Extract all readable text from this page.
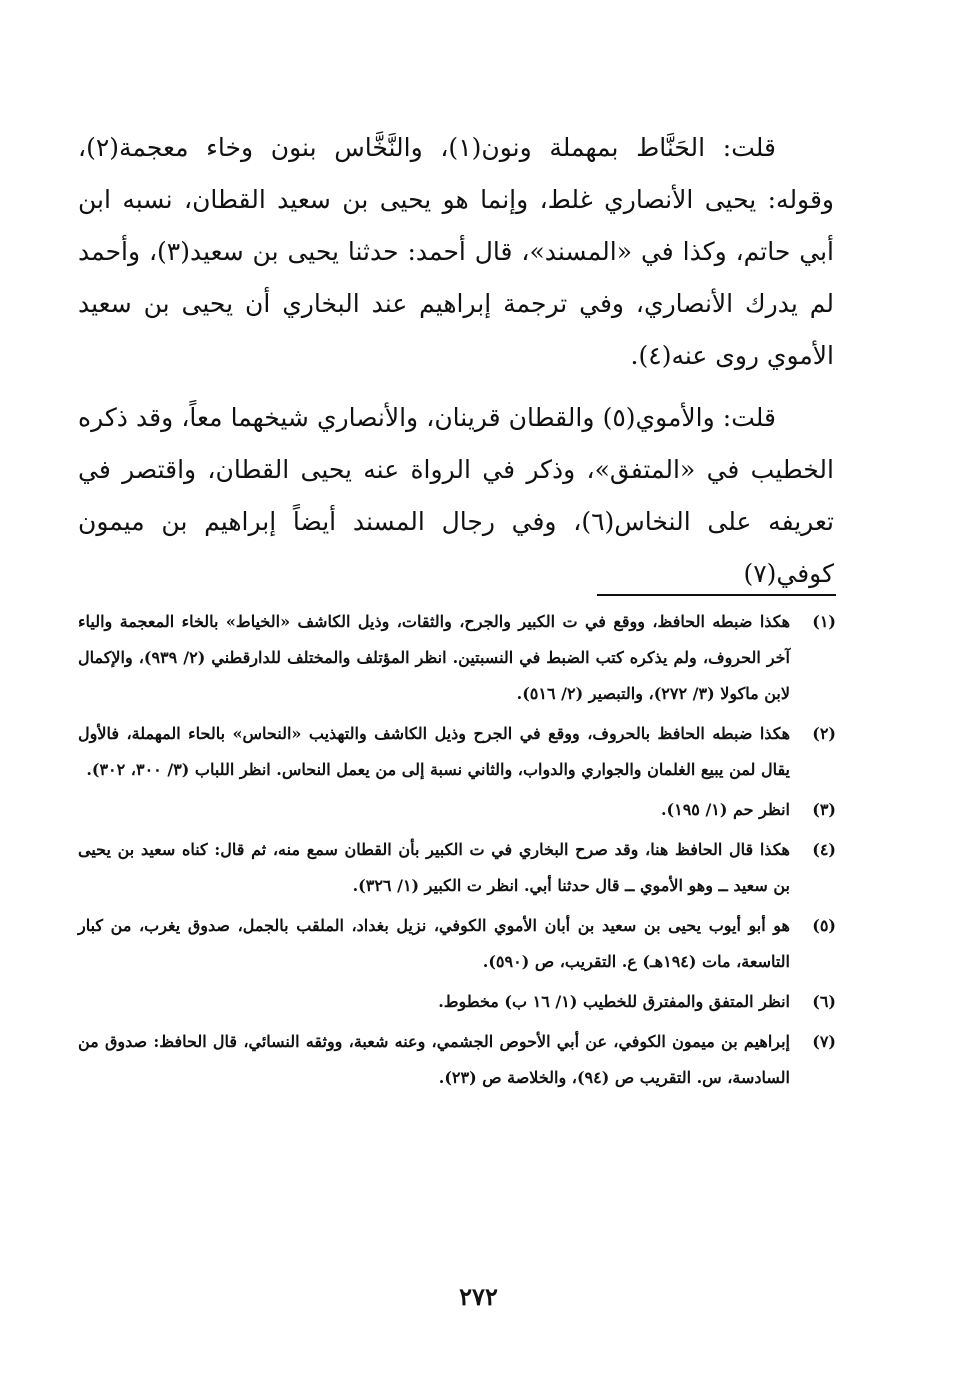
قلت: الحَنَّاط بمهملة ونون(١)، والنَّخَّاس بنون وخاء معجمة(٢)، وقوله: يحيى الأنصاري غلط، وإنما هو يحيى بن سعيد القطان، نسبه ابن أبي حاتم، وكذا في «المسند»، قال أحمد: حدثنا يحيى بن سعيد(٣)، وأحمد لم يدرك الأنصاري، وفي ترجمة إبراهيم عند البخاري أن يحيى بن سعيد الأموي روى عنه(٤).

قلت: والأموي(٥) والقطان قرينان، والأنصاري شيخهما معاً، وقد ذكره الخطيب في «المتفق»، وذكر في الرواة عنه يحيى القطان، واقتصر في تعريفه على النخاس(٦)، وفي رجال المسند أيضاً إبراهيم بن ميمون كوفي(٧)

(١)
هكذا ضبطه الحافظ، ووقع في ت الكبير والجرح، والثقات، وذيل الكاشف «الخياط» بالخاء المعجمة والياء آخر الحروف، ولم يذكره كتب الضبط في النسبتين. انظر المؤتلف والمختلف للدارقطني (٢/ ٩٣٩)، والإكمال لابن ماكولا (٣/ ٢٧٢)، والتبصير (٢/ ٥١٦).
(٢)
هكذا ضبطه الحافظ بالحروف، ووقع في الجرح وذيل الكاشف والتهذيب «النحاس» بالحاء المهملة، فالأول يقال لمن يبيع الغلمان والجواري والدواب، والثاني نسبة إلى من يعمل النحاس. انظر اللباب (٣/ ٣٠٠، ٣٠٢).
(٣)
انظر حم (١/ ١٩٥).
(٤)
هكذا قال الحافظ هنا، وقد صرح البخاري في ت الكبير بأن القطان سمع منه، ثم قال: كناه سعيد بن يحيى بن سعيد ــ وهو الأموي ــ قال حدثنا أبي. انظر ت الكبير (١/ ٣٢٦).
(٥)
هو أبو أيوب يحيى بن سعيد بن أبان الأموي الكوفي، نزيل بغداد، الملقب بالجمل، صدوق يغرب، من كبار التاسعة، مات (١٩٤هـ) ع. التقريب، ص (٥٩٠).
(٦)
انظر المتفق والمفترق للخطيب (١/ ١٦ ب) مخطوط.
(٧)
إبراهيم بن ميمون الكوفي، عن أبي الأحوص الجشمي، وعنه شعبة، ووثقه النسائي، قال الحافظ: صدوق من السادسة، س. التقريب ص (٩٤)، والخلاصة ص (٢٣).
٢٧٢
